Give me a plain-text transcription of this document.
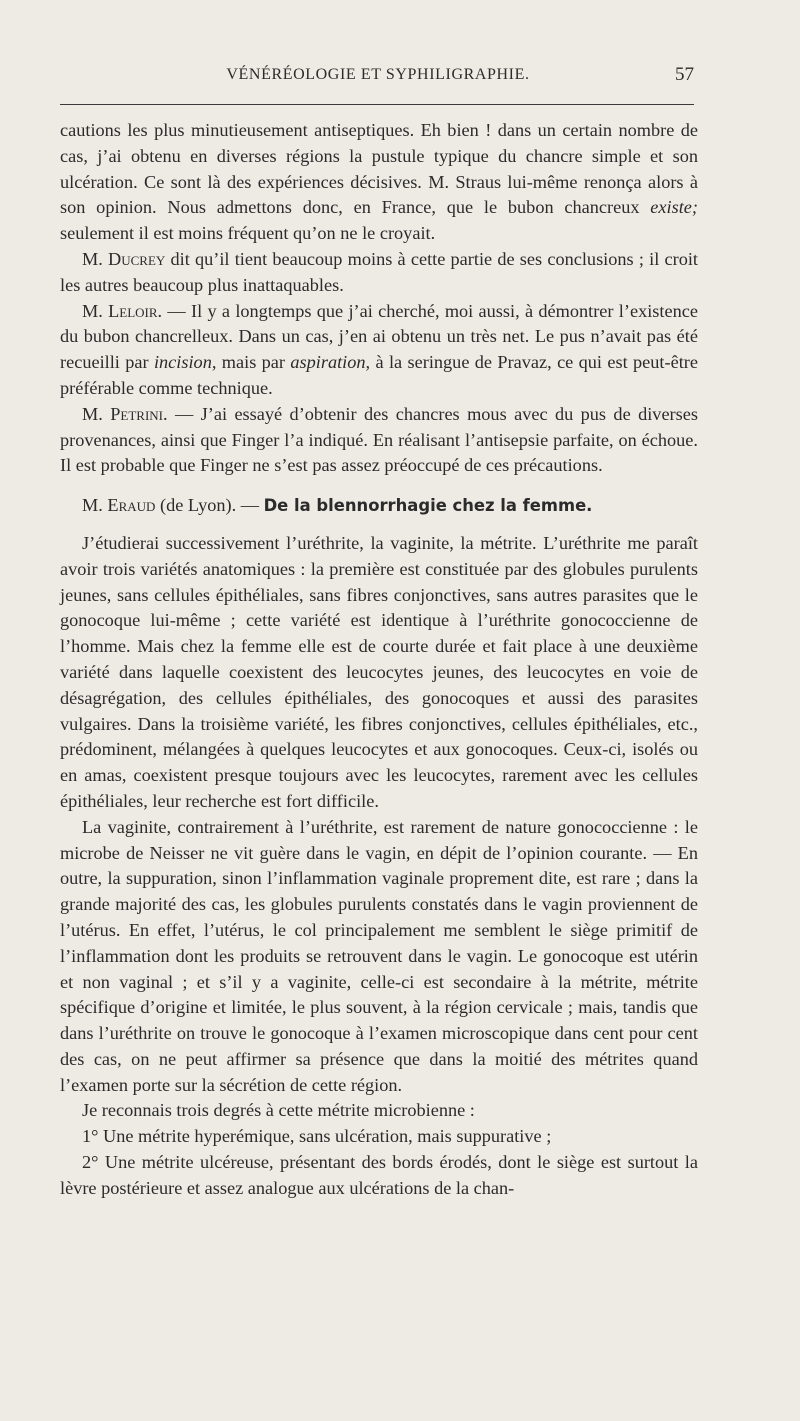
VÉNÉRÉOLOGIE ET SYPHILIGRAPHIE.	57

cautions les plus minutieusement antiseptiques. Eh bien ! dans un certain nombre de cas, j’ai obtenu en diverses régions la pustule typique du chancre simple et son ulcération. Ce sont là des expériences décisives. M. Straus lui-même renonça alors à son opinion. Nous admettons donc, en France, que le bubon chancreux existe; seulement il est moins fréquent qu’on ne le croyait.

M. Ducrey dit qu’il tient beaucoup moins à cette partie de ses conclusions ; il croit les autres beaucoup plus inattaquables.

M. Leloir. — Il y a longtemps que j’ai cherché, moi aussi, à démontrer l’existence du bubon chancrelleux. Dans un cas, j’en ai obtenu un très net. Le pus n’avait pas été recueilli par incision, mais par aspiration, à la seringue de Pravaz, ce qui est peut-être préférable comme technique.

M. Petrini. — J’ai essayé d’obtenir des chancres mous avec du pus de diverses provenances, ainsi que Finger l’a indiqué. En réalisant l’antisepsie parfaite, on échoue. Il est probable que Finger ne s’est pas assez préoccupé de ces précautions.

M. Eraud (de Lyon). — De la blennorrhagie chez la femme.

J’étudierai successivement l’uréthrite, la vaginite, la métrite. L’uréthrite me paraît avoir trois variétés anatomiques : la première est constituée par des globules purulents jeunes, sans cellules épithéliales, sans fibres conjonctives, sans autres parasites que le gonocoque lui-même ; cette variété est identique à l’uréthrite gonococcienne de l’homme. Mais chez la femme elle est de courte durée et fait place à une deuxième variété dans laquelle coexistent des leucocytes jeunes, des leucocytes en voie de désagrégation, des cellules épithéliales, des gonocoques et aussi des parasites vulgaires. Dans la troisième variété, les fibres conjonctives, cellules épithéliales, etc., prédominent, mélangées à quelques leucocytes et aux gonocoques. Ceux-ci, isolés ou en amas, coexistent presque toujours avec les leucocytes, rarement avec les cellules épithéliales, leur recherche est fort difficile.

La vaginite, contrairement à l’uréthrite, est rarement de nature gonococcienne : le microbe de Neisser ne vit guère dans le vagin, en dépit de l’opinion courante. — En outre, la suppuration, sinon l’inflammation vaginale proprement dite, est rare ; dans la grande majorité des cas, les globules purulents constatés dans le vagin proviennent de l’utérus. En effet, l’utérus, le col principalement me semblent le siège primitif de l’inflammation dont les produits se retrouvent dans le vagin. Le gonocoque est utérin et non vaginal ; et s’il y a vaginite, celle-ci est secondaire à la métrite, métrite spécifique d’origine et limitée, le plus souvent, à la région cervicale ; mais, tandis que dans l’uréthrite on trouve le gonocoque à l’examen microscopique dans cent pour cent des cas, on ne peut affirmer sa présence que dans la moitié des métrites quand l’examen porte sur la sécrétion de cette région.

Je reconnais trois degrés à cette métrite microbienne :

1° Une métrite hyperémique, sans ulcération, mais suppurative ;

2° Une métrite ulcéreuse, présentant des bords érodés, dont le siège est surtout la lèvre postérieure et assez analogue aux ulcérations de la chan-
